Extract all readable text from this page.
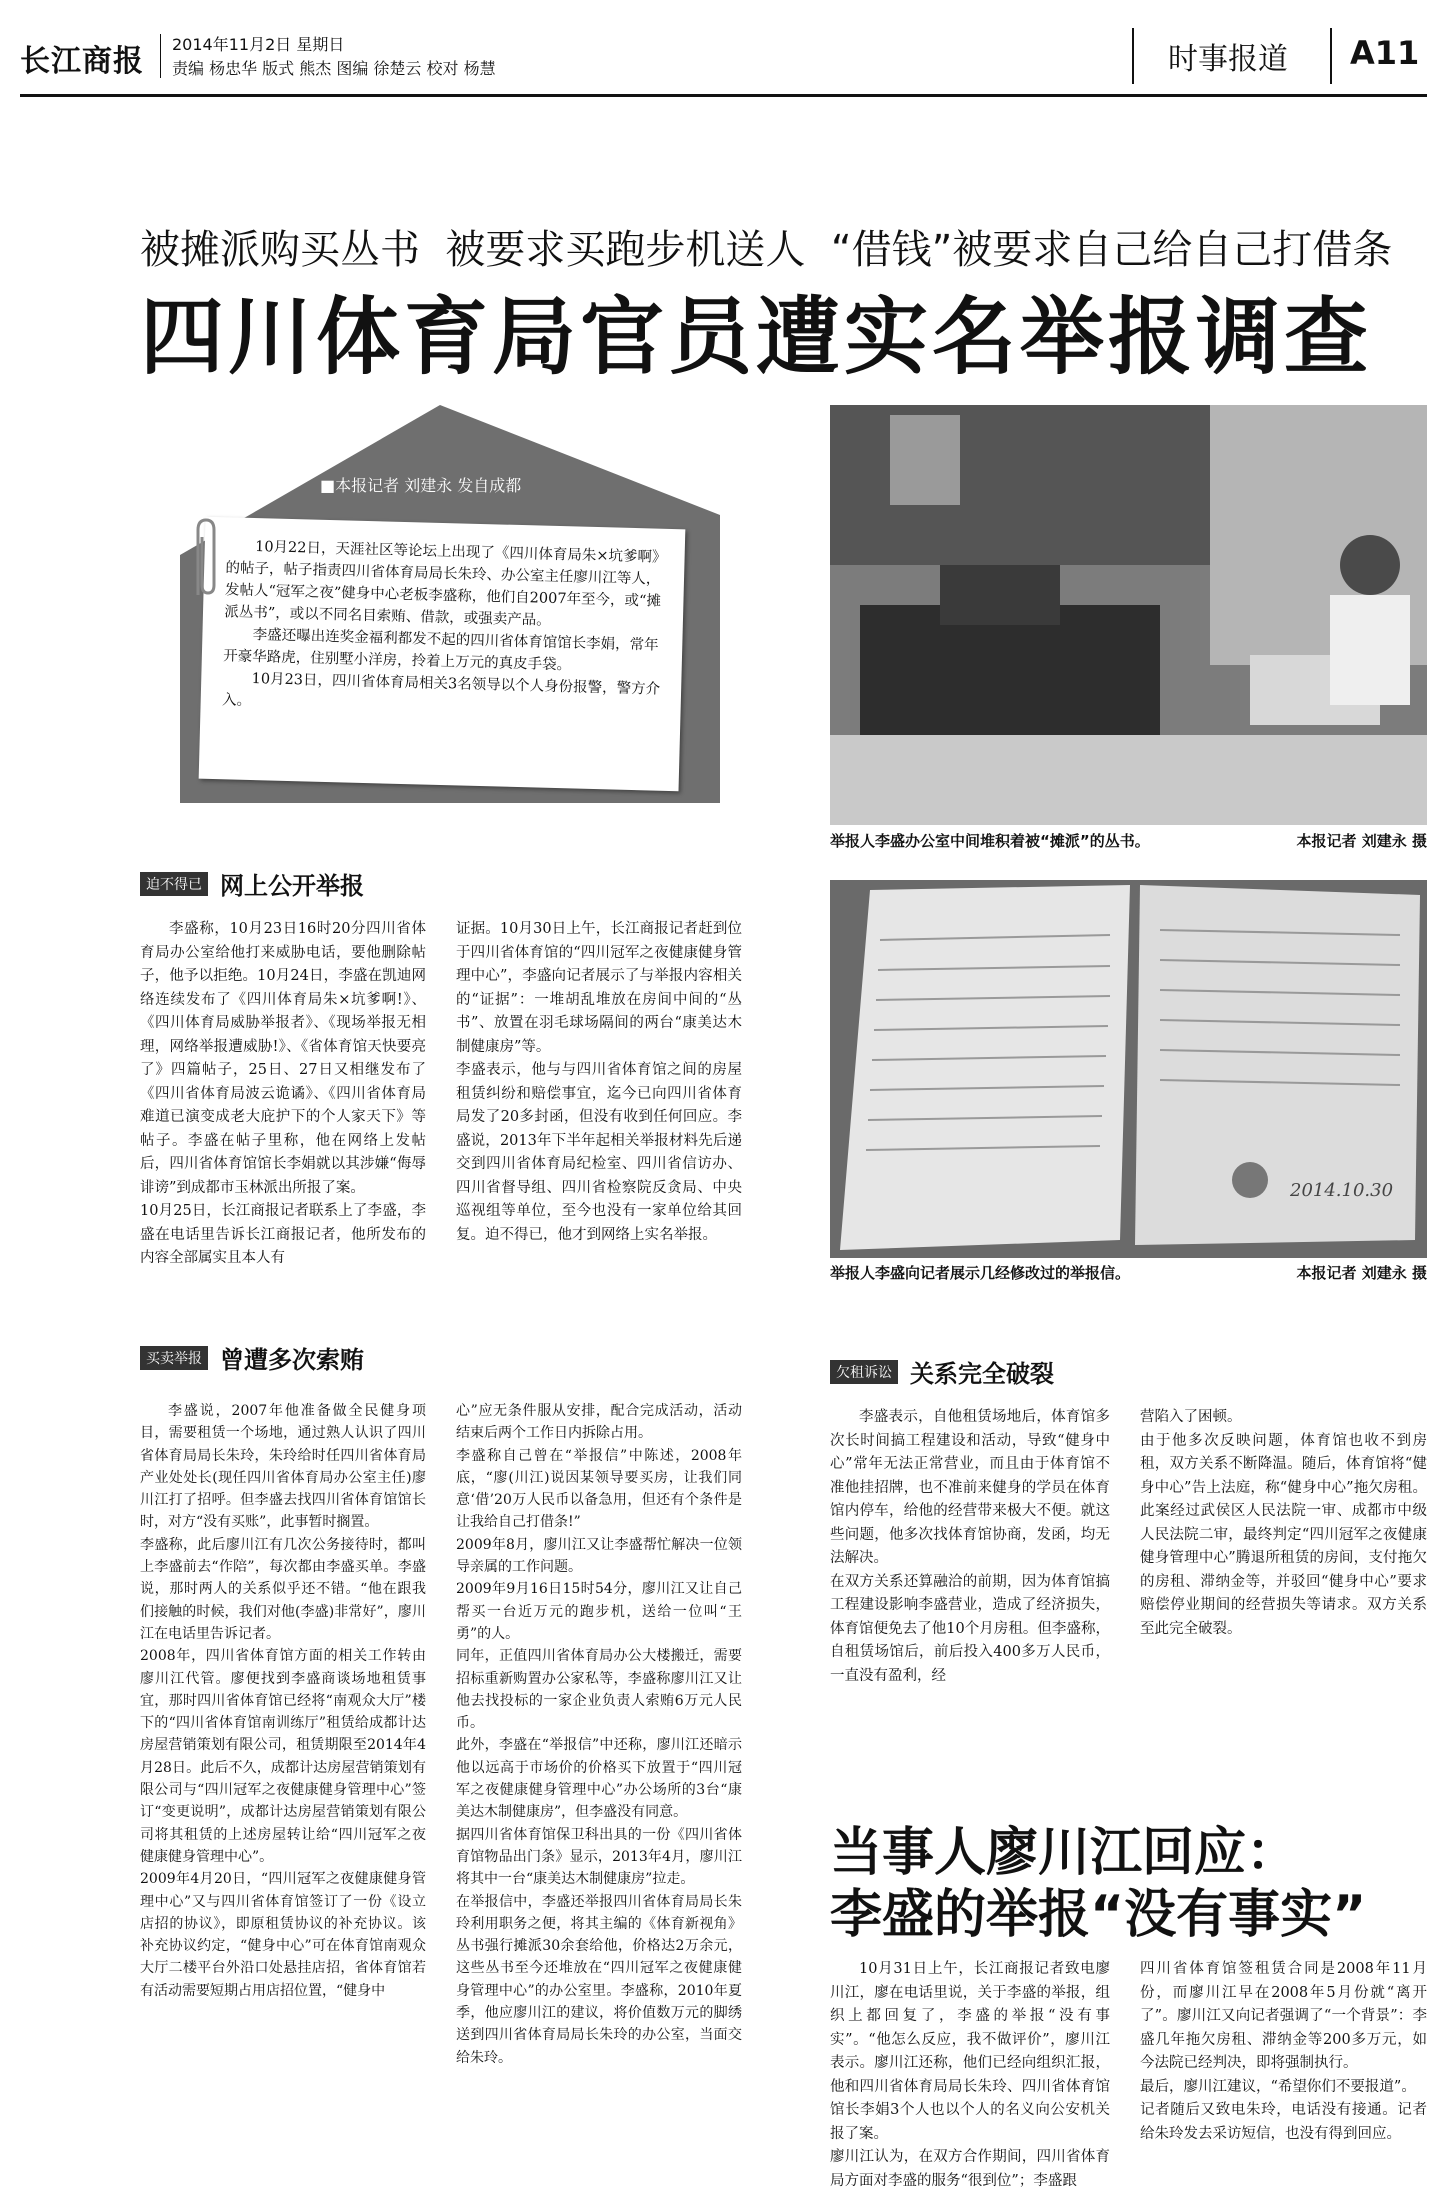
长江商报 2014年11月2日 星期日
责编 杨忠华 版式 熊杰 图编 徐楚云 校对 杨慧	时事报道 A11
被摊派购买丛书  被要求买跑步机送人  “借钱”被要求自己给自己打借条
四川体育局官员遭实名举报调查
■本报记者 刘建永 发自成都
10月22日，天涯社区等论坛上出现了《四川体育局朱×坑爹啊》的帖子，帖子指责四川省体育局局长朱玲、办公室主任廖川江等人，发帖人“冠军之夜”健身中心老板李盛称，他们自2007年至今，或“摊派丛书”，或以不同名目索贿、借款，或强卖产品。
李盛还曝出连奖金福利都发不起的四川省体育馆馆长李娟，常年开豪华路虎，住别墅小洋房，拎着上万元的真皮手袋。
10月23日，四川省体育局相关3名领导以个人身份报警，警方介入。
举报人李盛办公室中间堆积着被“摊派”的丛书。	本报记者 刘建永 摄
2014.10.30
举报人李盛向记者展示几经修改过的举报信。	本报记者 刘建永 摄
迫不得已 网上公开举报
李盛称，10月23日16时20分四川省体育局办公室给他打来威胁电话，要他删除帖子，他予以拒绝。10月24日，李盛在凯迪网络连续发布了《四川体育局朱×坑爹啊!》、《四川体育局威胁举报者》、《现场举报无相理，网络举报遭威胁!》、《省体育馆天快要亮了》四篇帖子，25日、27日又相继发布了《四川省体育局波云诡谲》、《四川省体育局难道已演变成老大庇护下的个人家天下》等帖子。李盛在帖子里称，他在网络上发帖后，四川省体育馆馆长李娟就以其涉嫌“侮辱诽谤”到成都市玉林派出所报了案。
10月25日，长江商报记者联系上了李盛，李盛在电话里告诉长江商报记者，他所发布的内容全部属实且本人有
证据。10月30日上午，长江商报记者赶到位于四川省体育馆的“四川冠军之夜健康健身管理中心”，李盛向记者展示了与举报内容相关的“证据”：一堆胡乱堆放在房间中间的“丛书”、放置在羽毛球场隔间的两台“康美达木制健康房”等。
李盛表示，他与与四川省体育馆之间的房屋租赁纠纷和赔偿事宜，迄今已向四川省体育局发了20多封函，但没有收到任何回应。李盛说，2013年下半年起相关举报材料先后递交到四川省体育局纪检室、四川省信访办、四川省督导组、四川省检察院反贪局、中央巡视组等单位，至今也没有一家单位给其回复。迫不得已，他才到网络上实名举报。
买卖举报 曾遭多次索贿
李盛说，2007年他准备做全民健身项目，需要租赁一个场地，通过熟人认识了四川省体育局局长朱玲，朱玲给时任四川省体育局产业处处长(现任四川省体育局办公室主任)廖川江打了招呼。但李盛去找四川省体育馆馆长时，对方“没有买账”，此事暂时搁置。
李盛称，此后廖川江有几次公务接待时，都叫上李盛前去“作陪”，每次都由李盛买单。李盛说，那时两人的关系似乎还不错。“他在跟我们接触的时候，我们对他(李盛)非常好”，廖川江在电话里告诉记者。
2008年，四川省体育馆方面的相关工作转由廖川江代管。廖便找到李盛商谈场地租赁事宜，那时四川省体育馆已经将“南观众大厅”楼下的“四川省体育馆南训练厅”租赁给成都计达房屋营销策划有限公司，租赁期限至2014年4月28日。此后不久，成都计达房屋营销策划有限公司与“四川冠军之夜健康健身管理中心”签订“变更说明”，成都计达房屋营销策划有限公司将其租赁的上述房屋转让给“四川冠军之夜健康健身管理中心”。
2009年4月20日，“四川冠军之夜健康健身管理中心”又与四川省体育馆签订了一份《设立店招的协议》，即原租赁协议的补充协议。该补充协议约定，“健身中心”可在体育馆南观众大厅二楼平台外沿口处悬挂店招，省体育馆若有活动需要短期占用店招位置，“健身中
心”应无条件服从安排，配合完成活动，活动结束后两个工作日内拆除占用。
李盛称自己曾在“举报信”中陈述，2008年底，“廖(川江)说因某领导要买房，让我们同意‘借’20万人民币以备急用，但还有个条件是让我给自己打借条!”
2009年8月，廖川江又让李盛帮忙解决一位领导亲属的工作问题。
2009年9月16日15时54分，廖川江又让自己帮买一台近万元的跑步机，送给一位叫“王勇”的人。
同年，正值四川省体育局办公大楼搬迁，需要招标重新购置办公家私等，李盛称廖川江又让他去找投标的一家企业负责人索贿6万元人民币。
此外，李盛在“举报信”中还称，廖川江还暗示他以远高于市场价的价格买下放置于“四川冠军之夜健康健身管理中心”办公场所的3台“康美达木制健康房”，但李盛没有同意。
据四川省体育馆保卫科出具的一份《四川省体育馆物品出门条》显示，2013年4月，廖川江将其中一台“康美达木制健康房”拉走。
在举报信中，李盛还举报四川省体育局局长朱玲利用职务之便，将其主编的《体育新视角》丛书强行摊派30余套给他，价格达2万余元，这些丛书至今还堆放在“四川冠军之夜健康健身管理中心”的办公室里。李盛称，2010年夏季，他应廖川江的建议，将价值数万元的脚绣送到四川省体育局局长朱玲的办公室，当面交给朱玲。
欠租诉讼 关系完全破裂
李盛表示，自他租赁场地后，体育馆多次长时间搞工程建设和活动，导致“健身中心”常年无法正常营业，而且由于体育馆不准他挂招牌，也不准前来健身的学员在体育馆内停车，给他的经营带来极大不便。就这些问题，他多次找体育馆协商，发函，均无法解决。
在双方关系还算融洽的前期，因为体育馆搞工程建设影响李盛营业，造成了经济损失，体育馆便免去了他10个月房租。但李盛称，自租赁场馆后，前后投入400多万人民币，一直没有盈利，经
营陷入了困顿。
由于他多次反映问题，体育馆也收不到房租，双方关系不断降温。随后，体育馆将“健身中心”告上法庭，称“健身中心”拖欠房租。此案经过武侯区人民法院一审、成都市中级人民法院二审，最终判定“四川冠军之夜健康健身管理中心”腾退所租赁的房间，支付拖欠的房租、滞纳金等，并驳回“健身中心”要求赔偿停业期间的经营损失等请求。双方关系至此完全破裂。
当事人廖川江回应：
李盛的举报“没有事实”
10月31日上午，长江商报记者致电廖川江，廖在电话里说，关于李盛的举报，组织上都回复了，李盛的举报“没有事实”。“他怎么反应，我不做评价”，廖川江表示。廖川江还称，他们已经向组织汇报，他和四川省体育局局长朱玲、四川省体育馆馆长李娟3个人也以个人的名义向公安机关报了案。
廖川江认为，在双方合作期间，四川省体育局方面对李盛的服务“很到位”；李盛跟
四川省体育馆签租赁合同是2008年11月份，而廖川江早在2008年5月份就“离开了”。廖川江又向记者强调了“一个背景”：李盛几年拖欠房租、滞纳金等200多万元，如今法院已经判决，即将强制执行。
最后，廖川江建议，“希望你们不要报道”。
记者随后又致电朱玲，电话没有接通。记者给朱玲发去采访短信，也没有得到回应。
